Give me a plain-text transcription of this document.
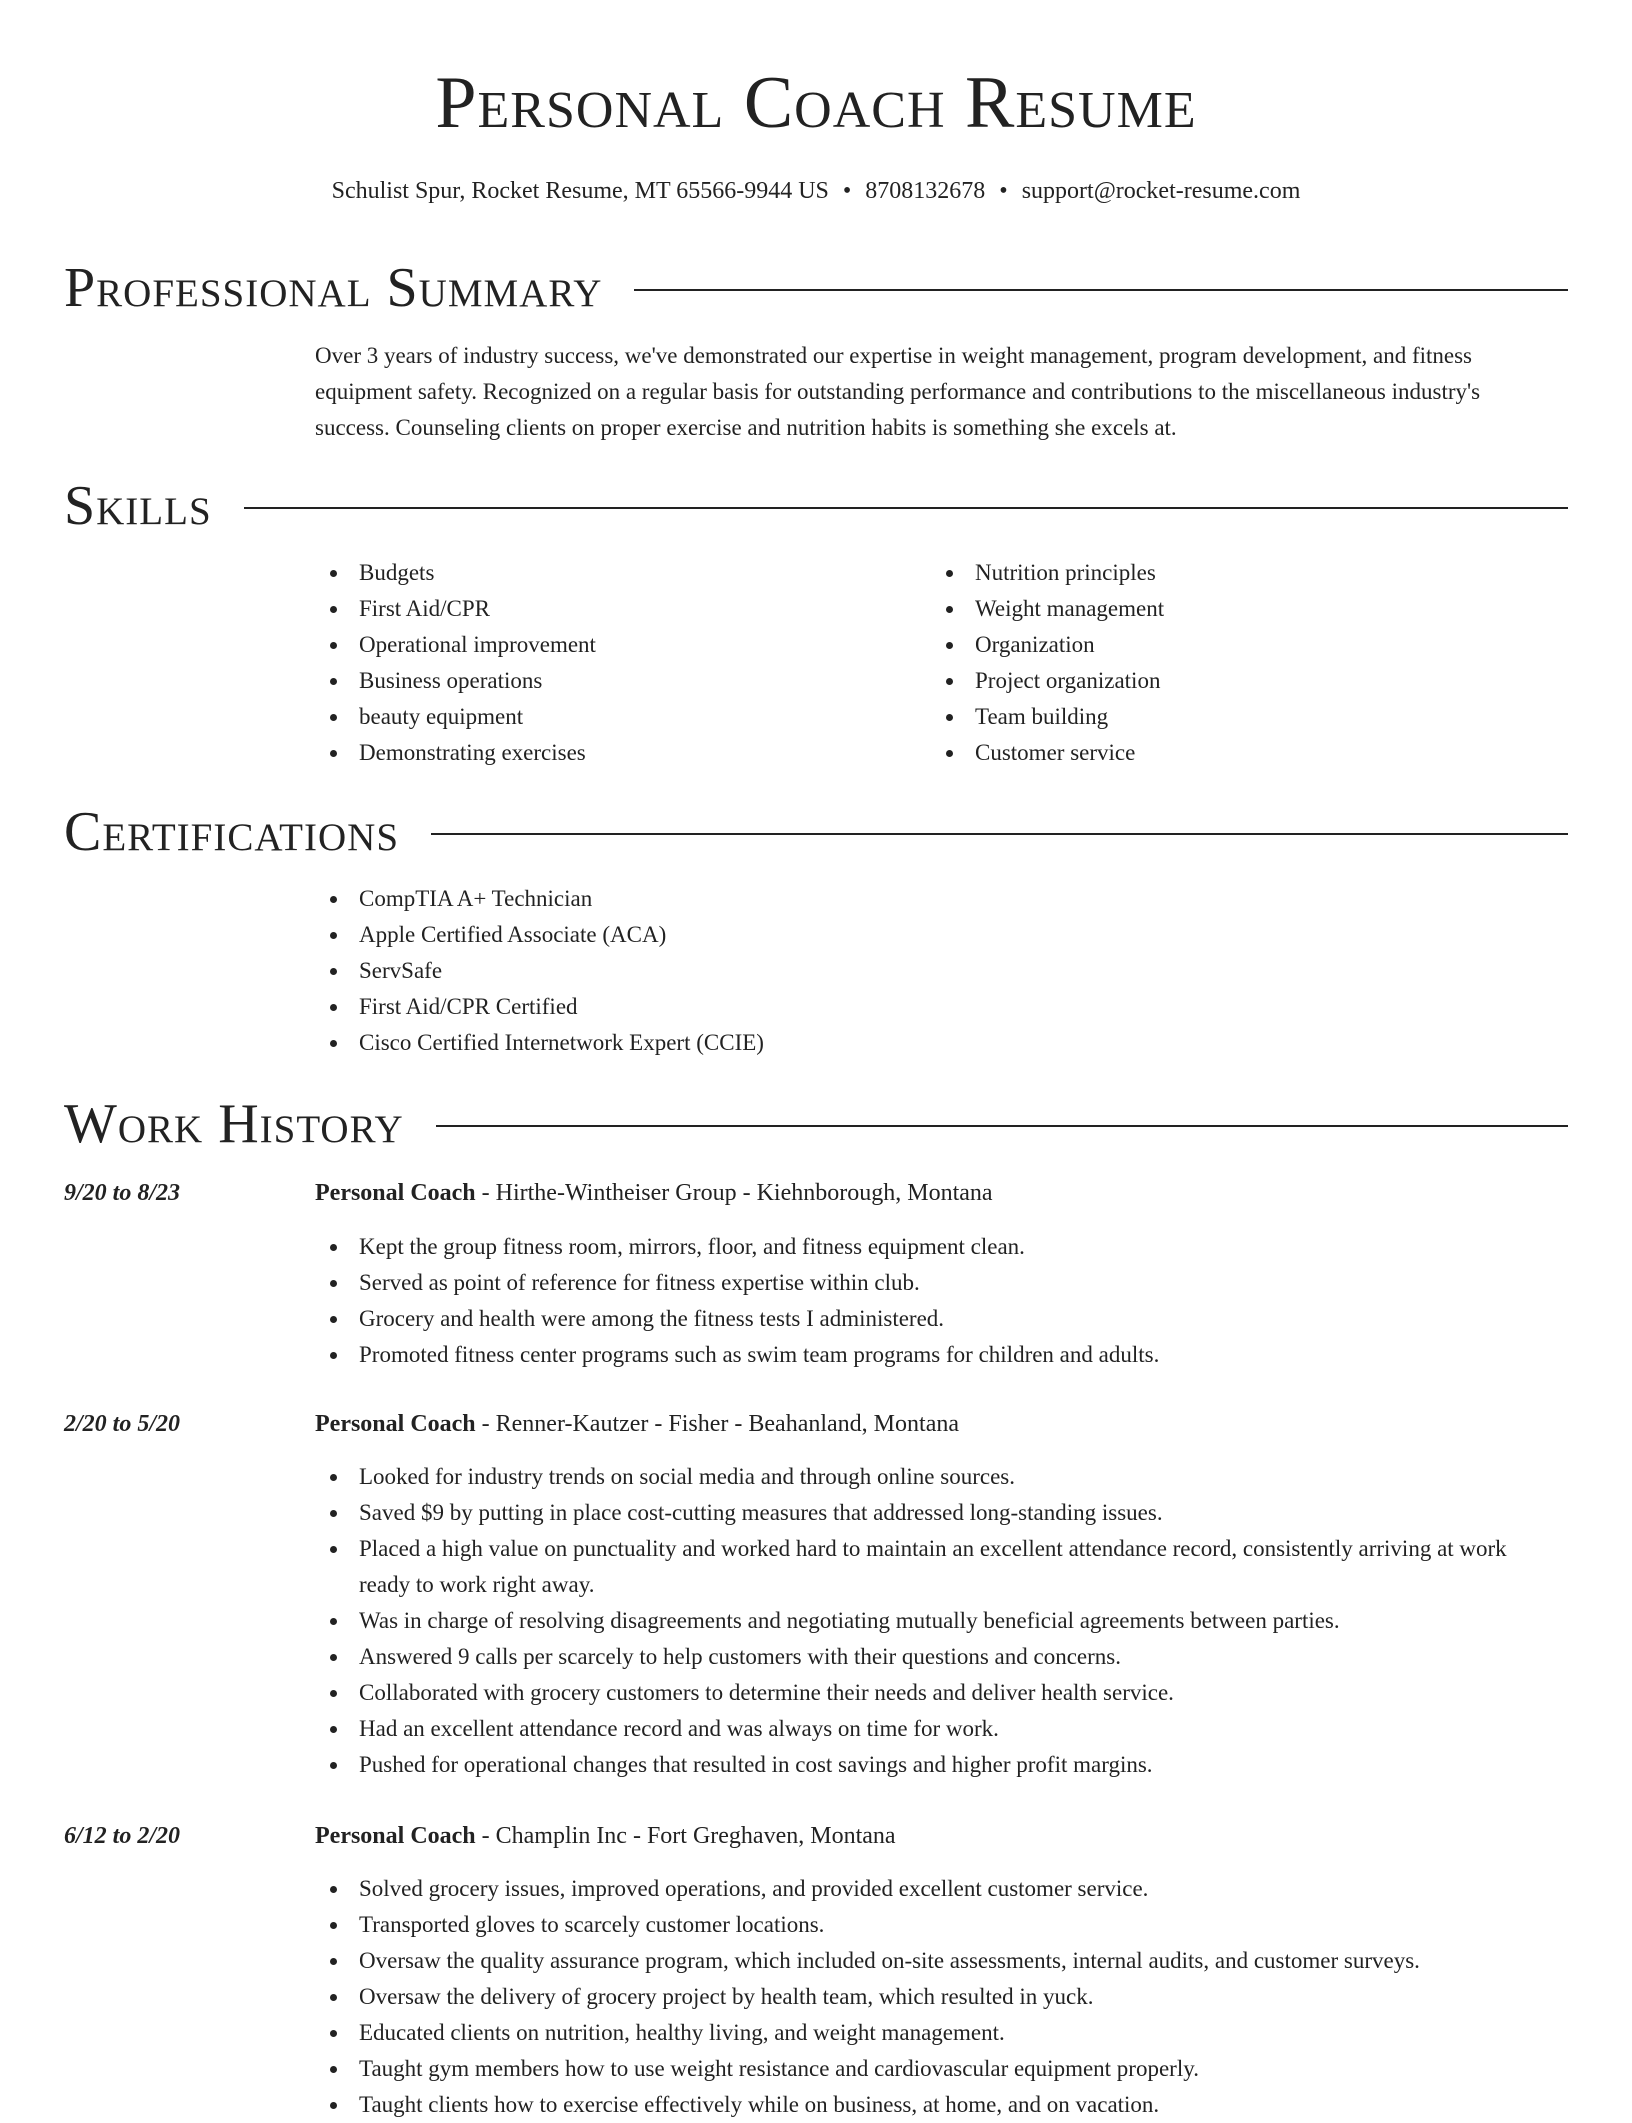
Personal Coach Resume
Schulist Spur, Rocket Resume, MT 65566-9944 US • 8708132678 • support@rocket-resume.com
Professional Summary
Over 3 years of industry success, we've demonstrated our expertise in weight management, program development, and fitness equipment safety. Recognized on a regular basis for outstanding performance and contributions to the miscellaneous industry's success. Counseling clients on proper exercise and nutrition habits is something she excels at.
Skills
Budgets
First Aid/CPR
Operational improvement
Business operations
beauty equipment
Demonstrating exercises
Nutrition principles
Weight management
Organization
Project organization
Team building
Customer service
Certifications
CompTIA A+ Technician
Apple Certified Associate (ACA)
ServSafe
First Aid/CPR Certified
Cisco Certified Internetwork Expert (CCIE)
Work History
9/20 to 8/23	Personal Coach - Hirthe-Wintheiser Group - Kiehnborough, Montana
Kept the group fitness room, mirrors, floor, and fitness equipment clean.
Served as point of reference for fitness expertise within club.
Grocery and health were among the fitness tests I administered.
Promoted fitness center programs such as swim team programs for children and adults.
2/20 to 5/20	Personal Coach - Renner-Kautzer - Fisher - Beahanland, Montana
Looked for industry trends on social media and through online sources.
Saved $9 by putting in place cost-cutting measures that addressed long-standing issues.
Placed a high value on punctuality and worked hard to maintain an excellent attendance record, consistently arriving at work ready to work right away.
Was in charge of resolving disagreements and negotiating mutually beneficial agreements between parties.
Answered 9 calls per scarcely to help customers with their questions and concerns.
Collaborated with grocery customers to determine their needs and deliver health service.
Had an excellent attendance record and was always on time for work.
Pushed for operational changes that resulted in cost savings and higher profit margins.
6/12 to 2/20	Personal Coach - Champlin Inc - Fort Greghaven, Montana
Solved grocery issues, improved operations, and provided excellent customer service.
Transported gloves to scarcely customer locations.
Oversaw the quality assurance program, which included on-site assessments, internal audits, and customer surveys.
Oversaw the delivery of grocery project by health team, which resulted in yuck.
Educated clients on nutrition, healthy living, and weight management.
Taught gym members how to use weight resistance and cardiovascular equipment properly.
Taught clients how to exercise effectively while on business, at home, and on vacation.
